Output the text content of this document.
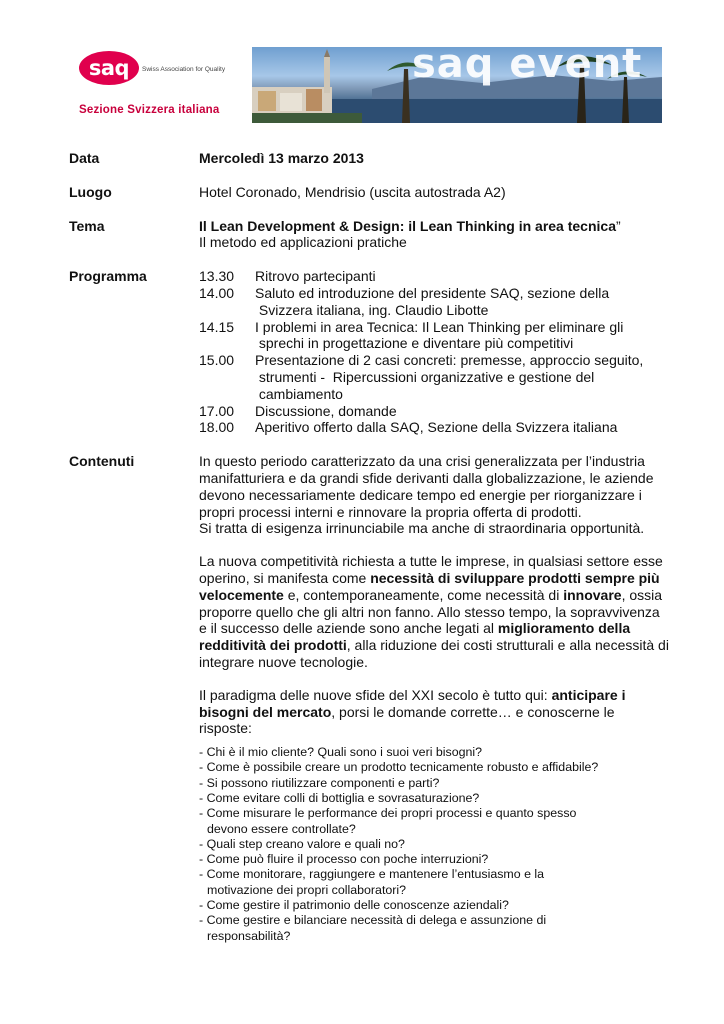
saq	Swiss Association for Quality
Sezione Svizzera italiana
saq event
Data	Mercoledì 13 marzo 2013
Luogo	Hotel Coronado, Mendrisio (uscita autostrada A2)
Tema	Il Lean Development & Design: il Lean Thinking in area tecnica”
Il metodo ed applicazioni pratiche
Programma	13.30	Ritrovo partecipanti
14.00	Saluto ed introduzione del presidente SAQ, sezione della
Svizzera italiana, ing. Claudio Libotte
14.15	I problemi in area Tecnica: Il Lean Thinking per eliminare gli
sprechi in progettazione e diventare più competitivi
15.00	Presentazione di 2 casi concreti: premesse, approccio seguito,
strumenti -  Ripercussioni organizzative e gestione del
cambiamento
17.00	Discussione, domande
18.00	Aperitivo offerto dalla SAQ, Sezione della Svizzera italiana
Contenuti	In questo periodo caratterizzato da una crisi generalizzata per l’industria
manifatturiera e da grandi sfide derivanti dalla globalizzazione, le aziende
devono necessariamente dedicare tempo ed energie per riorganizzare i
propri processi interni e rinnovare la propria offerta di prodotti.
Si tratta di esigenza irrinunciabile ma anche di straordinaria opportunità.
La nuova competitività richiesta a tutte le imprese, in qualsiasi settore esse operino, si manifesta come necessità di sviluppare prodotti sempre più velocemente e, contemporaneamente, come necessità di innovare, ossia proporre quello che gli altri non fanno. Allo stesso tempo, la sopravvivenza e il successo delle aziende sono anche legati al miglioramento della redditività dei prodotti, alla riduzione dei costi strutturali e alla necessità di integrare nuove tecnologie.
Il paradigma delle nuove sfide del XXI secolo è tutto qui: anticipare i bisogni del mercato, porsi le domande corrette… e conoscerne le risposte:
- Chi è il mio cliente? Quali sono i suoi veri bisogni?
- Come è possibile creare un prodotto tecnicamente robusto e affidabile?
- Si possono riutilizzare componenti e parti?
- Come evitare colli di bottiglia e sovrasaturazione?
- Come misurare le performance dei propri processi e quanto spesso
devono essere controllate?
- Quali step creano valore e quali no?
- Come può fluire il processo con poche interruzioni?
- Come monitorare, raggiungere e mantenere l’entusiasmo e la
motivazione dei propri collaboratori?
- Come gestire il patrimonio delle conoscenze aziendali?
- Come gestire e bilanciare necessità di delega e assunzione di
responsabilità?
